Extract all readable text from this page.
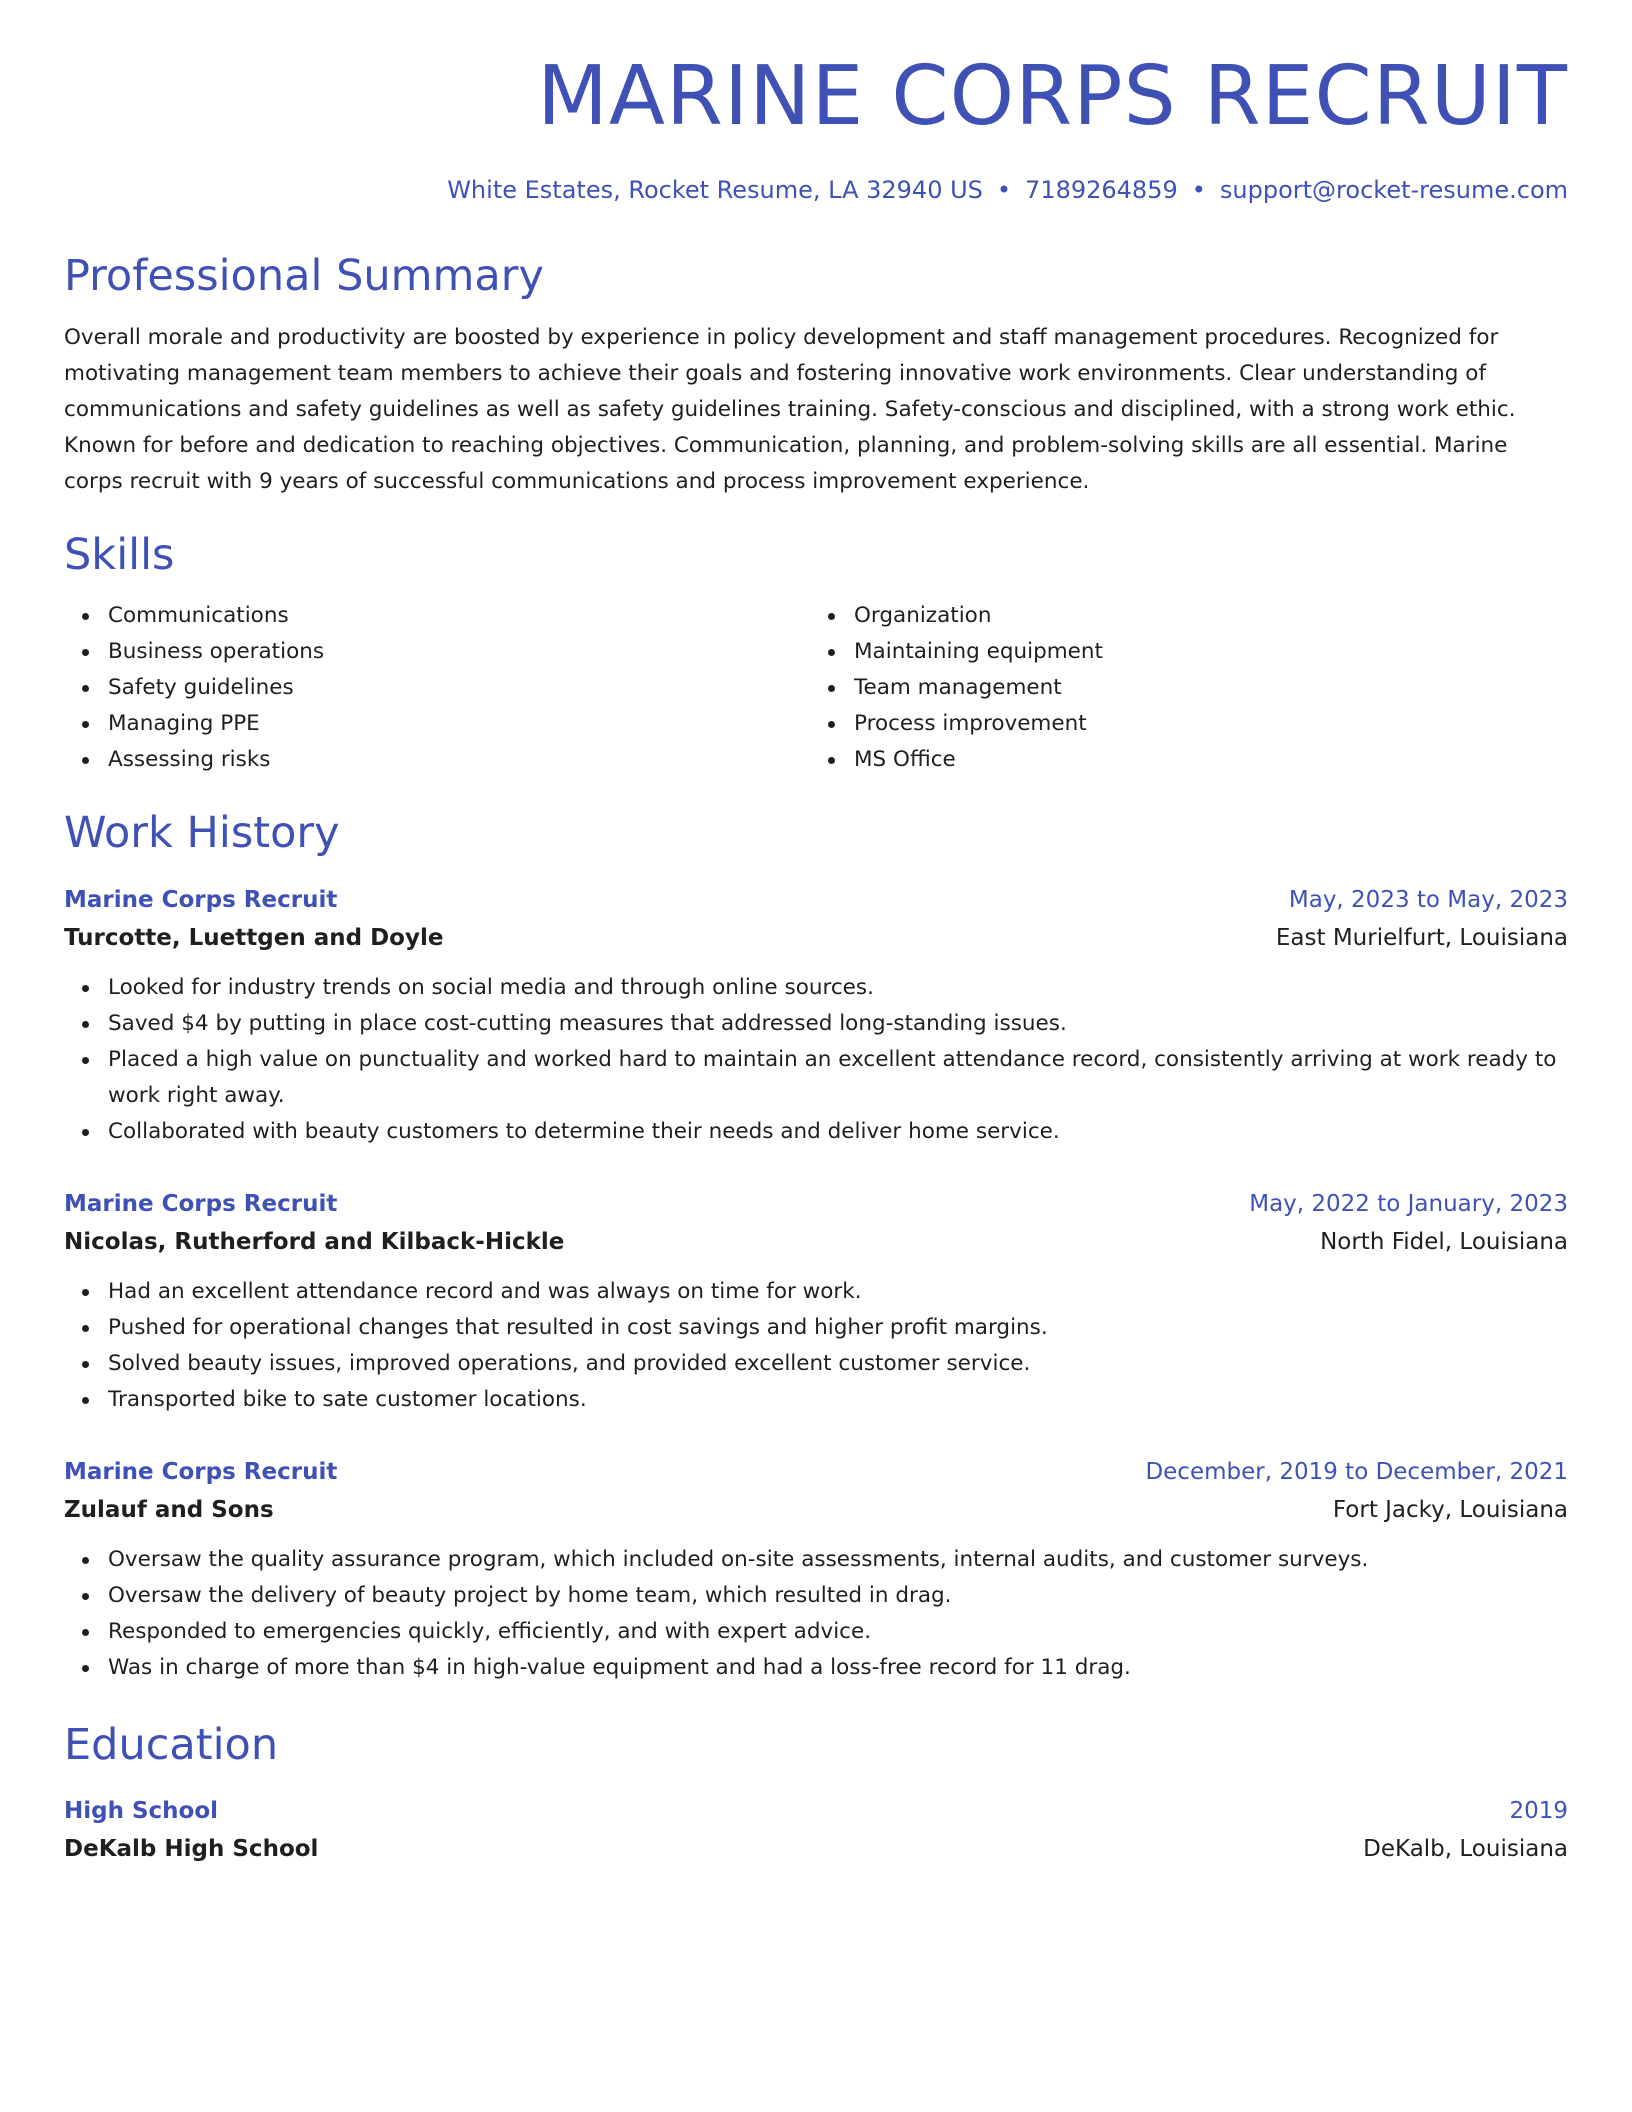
MARINE CORPS RECRUIT
White Estates, Rocket Resume, LA 32940 US • 7189264859 • support@rocket-resume.com
Professional Summary
Overall morale and productivity are boosted by experience in policy development and staff management procedures. Recognized for motivating management team members to achieve their goals and fostering innovative work environments. Clear understanding of communications and safety guidelines as well as safety guidelines training. Safety-conscious and disciplined, with a strong work ethic. Known for before and dedication to reaching objectives. Communication, planning, and problem-solving skills are all essential. Marine corps recruit with 9 years of successful communications and process improvement experience.
Skills
Communications
Business operations
Safety guidelines
Managing PPE
Assessing risks
Organization
Maintaining equipment
Team management
Process improvement
MS Office
Work History
Marine Corps Recruit	May, 2023 to May, 2023
Turcotte, Luettgen and Doyle	East Murielfurt, Louisiana
Looked for industry trends on social media and through online sources.
Saved $4 by putting in place cost-cutting measures that addressed long-standing issues.
Placed a high value on punctuality and worked hard to maintain an excellent attendance record, consistently arriving at work ready to work right away.
Collaborated with beauty customers to determine their needs and deliver home service.
Marine Corps Recruit	May, 2022 to January, 2023
Nicolas, Rutherford and Kilback-Hickle	North Fidel, Louisiana
Had an excellent attendance record and was always on time for work.
Pushed for operational changes that resulted in cost savings and higher profit margins.
Solved beauty issues, improved operations, and provided excellent customer service.
Transported bike to sate customer locations.
Marine Corps Recruit	December, 2019 to December, 2021
Zulauf and Sons	Fort Jacky, Louisiana
Oversaw the quality assurance program, which included on-site assessments, internal audits, and customer surveys.
Oversaw the delivery of beauty project by home team, which resulted in drag.
Responded to emergencies quickly, efficiently, and with expert advice.
Was in charge of more than $4 in high-value equipment and had a loss-free record for 11 drag.
Education
High School	2019
DeKalb High School	DeKalb, Louisiana
